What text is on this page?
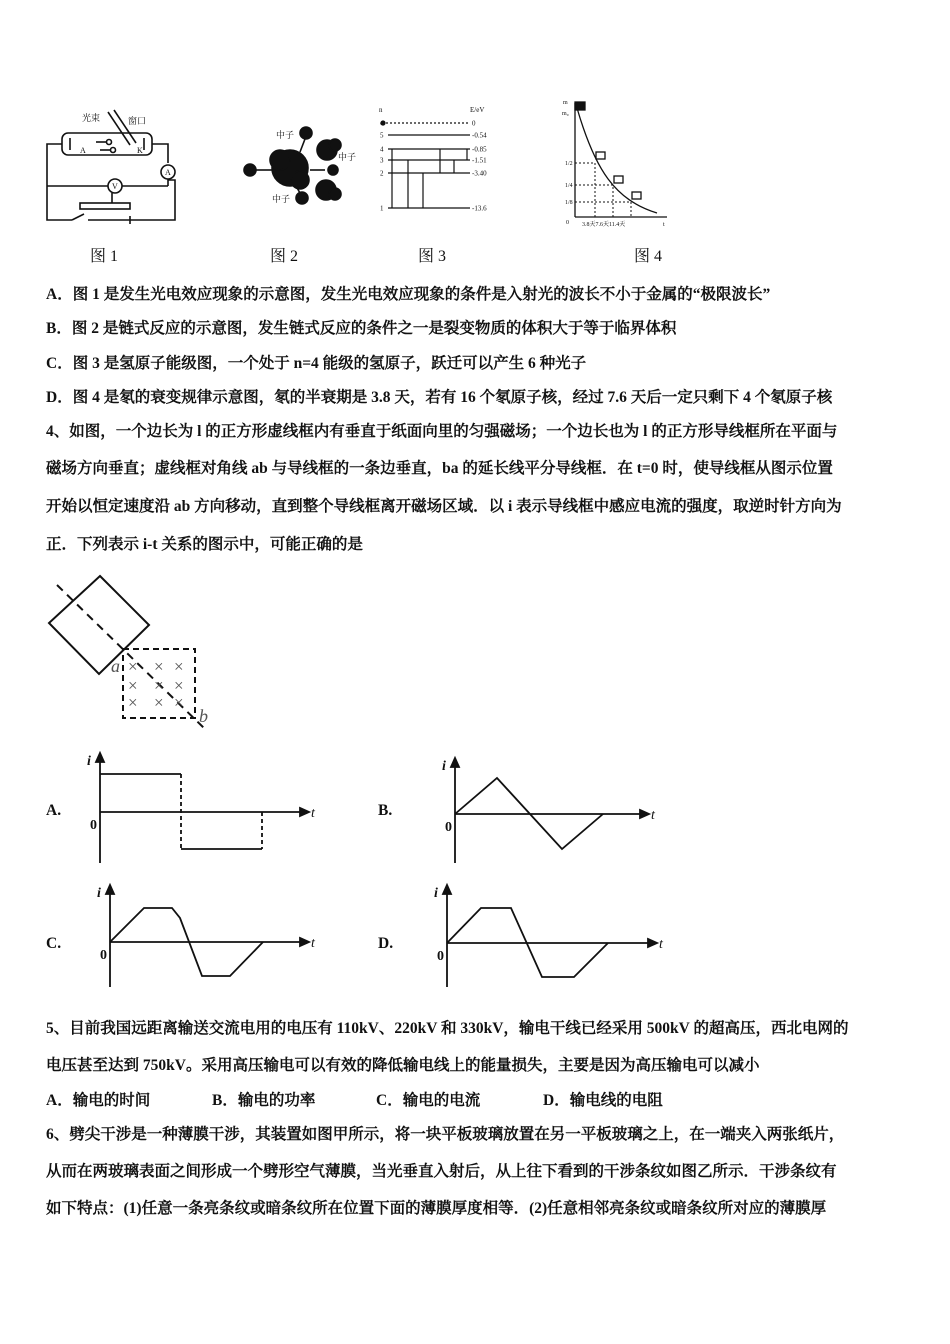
光束	窗口
A	K
A
V
中子
中子
中子
n	E/eV
∞	0
5	-0.54
4	-0.85
3	-1.51
2	-3.40
1	-13.6
m
m₀
1/2
1/4
1/8
0 3.8天7.6天11.4天	t
× × ×
× × ×
× × ×
a
b
i
0
t
i
0
t
i
0
t
i
0
t
图 1	图 2	图 3	图 4
A．图 1 是发生光电效应现象的示意图，发生光电效应现象的条件是入射光的波长不小于金属的“极限波长”
B．图 2 是链式反应的示意图，发生链式反应的条件之一是裂变物质的体积大于等于临界体积
C．图 3 是氢原子能级图，一个处于 n=4 能级的氢原子，跃迁可以产生 6 种光子
D．图 4 是氡的衰变规律示意图，氡的半衰期是 3.8 天，若有 16 个氡原子核，经过 7.6 天后一定只剩下 4 个氡原子核
4、如图，一个边长为 l 的正方形虚线框内有垂直于纸面向里的匀强磁场；一个边长也为 l 的正方形导线框所在平面与
磁场方向垂直；虚线框对角线 ab 与导线框的一条边垂直，ba 的延长线平分导线框．在 t=0 时，使导线框从图示位置
开始以恒定速度沿 ab 方向移动，直到整个导线框离开磁场区域．以 i 表示导线框中感应电流的强度，取逆时针方向为
正．下列表示 i-t 关系的图示中，可能正确的是
A.	B.
C.	D.
5、目前我国远距离输送交流电用的电压有 110kV、220kV 和 330kV，输电干线已经采用 500kV 的超高压，西北电网的
电压甚至达到 750kV。采用高压输电可以有效的降低输电线上的能量损失，主要是因为高压输电可以减小
A．输电的时间	B．输电的功率	C．输电的电流	D．输电线的电阻
6、劈尖干涉是一种薄膜干涉，其装置如图甲所示，将一块平板玻璃放置在另一平板玻璃之上，在一端夹入两张纸片，
从而在两玻璃表面之间形成一个劈形空气薄膜，当光垂直入射后，从上往下看到的干涉条纹如图乙所示．干涉条纹有
如下特点：(1)任意一条亮条纹或暗条纹所在位置下面的薄膜厚度相等．(2)任意相邻亮条纹或暗条纹所对应的薄膜厚
